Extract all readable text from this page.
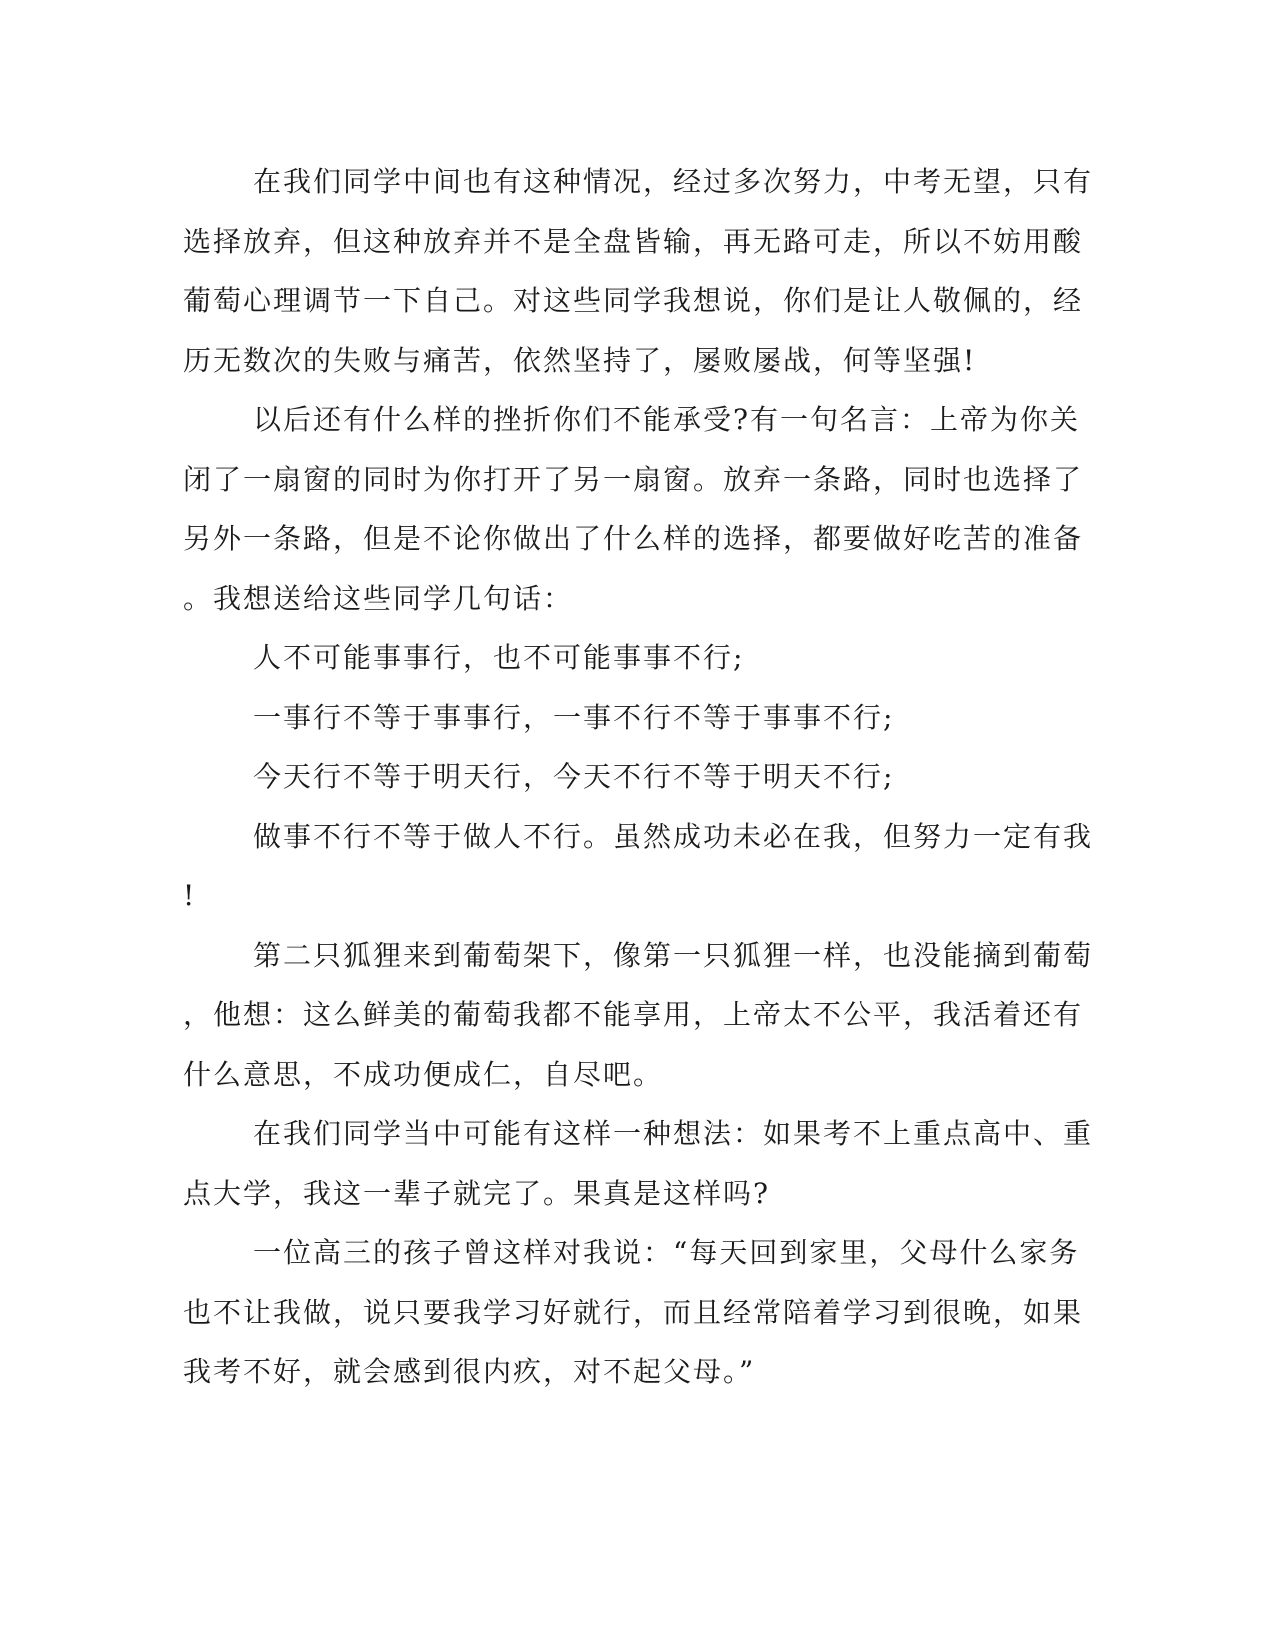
在我们同学中间也有这种情况，经过多次努力，中考无望，只有
选择放弃，但这种放弃并不是全盘皆输，再无路可走，所以不妨用酸
葡萄心理调节一下自己。对这些同学我想说，你们是让人敬佩的，经
历无数次的失败与痛苦，依然坚持了，屡败屡战，何等坚强!
以后还有什么样的挫折你们不能承受?有一句名言：上帝为你关
闭了一扇窗的同时为你打开了另一扇窗。放弃一条路，同时也选择了
另外一条路，但是不论你做出了什么样的选择，都要做好吃苦的准备
。我想送给这些同学几句话：
人不可能事事行，也不可能事事不行;
一事行不等于事事行，一事不行不等于事事不行;
今天行不等于明天行，今天不行不等于明天不行;
做事不行不等于做人不行。虽然成功未必在我，但努力一定有我
!
第二只狐狸来到葡萄架下，像第一只狐狸一样，也没能摘到葡萄
，他想：这么鲜美的葡萄我都不能享用，上帝太不公平，我活着还有
什么意思，不成功便成仁，自尽吧。
在我们同学当中可能有这样一种想法：如果考不上重点高中、重
点大学，我这一辈子就完了。果真是这样吗?
一位高三的孩子曾这样对我说：“每天回到家里，父母什么家务
也不让我做，说只要我学习好就行，而且经常陪着学习到很晚，如果
我考不好，就会感到很内疚，对不起父母。”
